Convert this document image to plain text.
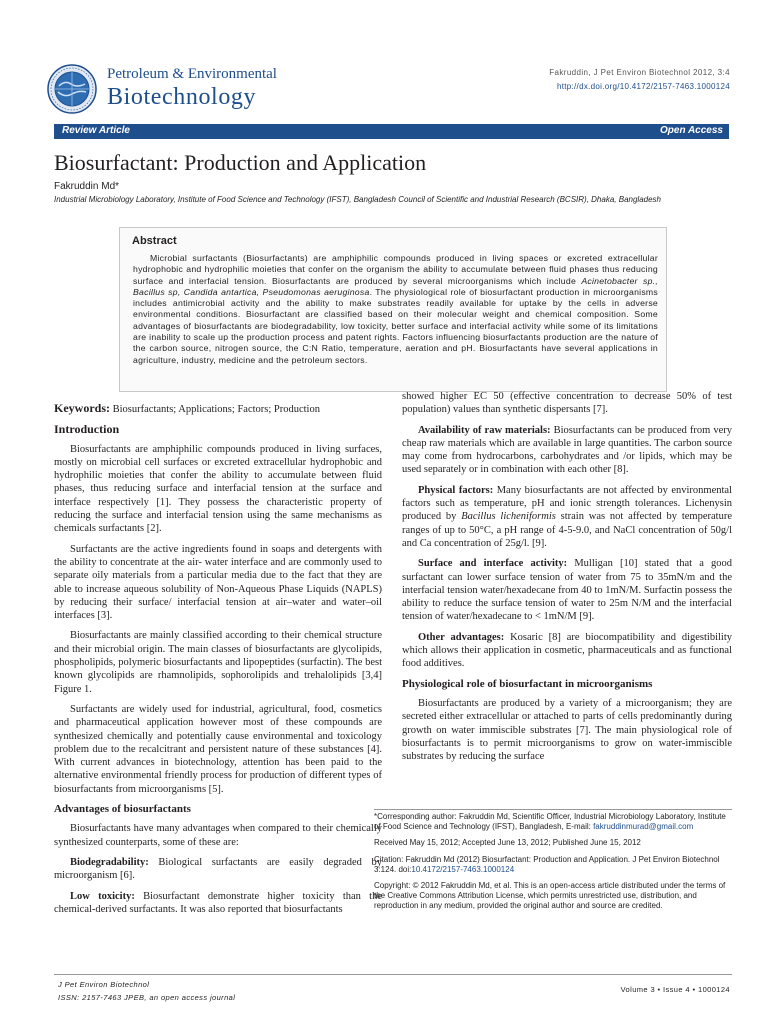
Petroleum & Environmental
Biotechnology
Fakruddin, J Pet Environ Biotechnol 2012, 3:4
http://dx.doi.org/10.4172/2157-7463.1000124
Review Article	Open Access
Biosurfactant: Production and Application
Fakruddin Md*
Industrial Microbiology Laboratory, Institute of Food Science and Technology (IFST), Bangladesh Council of Scientific and Industrial Research (BCSIR), Dhaka, Bangladesh
Abstract
Microbial surfactants (Biosurfactants) are amphiphilic compounds produced in living spaces or excreted extracellular hydrophobic and hydrophilic moieties that confer on the organism the ability to accumulate between fluid phases thus reducing surface and interfacial tension. Biosurfactants are produced by several microorganisms which include Acinetobacter sp., Bacillus sp, Candida antartica, Pseudomonas aeruginosa. The physiological role of biosurfactant production in microorganisms includes antimicrobial activity and the ability to make substrates readily available for uptake by the cells in adverse environmental conditions. Biosurfactant are classified based on their molecular weight and chemical composition. Some advantages of biosurfactants are biodegradability, low toxicity, better surface and interfacial activity while some of its limitations are inability to scale up the production process and patent rights. Factors influencing biosurfactants production are the nature of the carbon source, nitrogen source, the C:N Ratio, temperature, aeration and pH. Biosurfactants have several applications in agriculture, industry, medicine and the petroleum sectors.

Keywords: Biosurfactants; Applications; Factors; Production

Introduction

Biosurfactants are amphiphilic compounds produced in living surfaces, mostly on microbial cell surfaces or excreted extracellular hydrophobic and hydrophilic moieties that confer the ability to accumulate between fluid phases, thus reducing surface and interfacial tension at the surface and interface respectively [1]. They possess the characteristic property of reducing the surface and interfacial tension using the same mechanisms as chemicals surfactants [2].

Surfactants are the active ingredients found in soaps and detergents with the ability to concentrate at the air- water interface and are commonly used to separate oily materials from a particular media due to the fact that they are able to increase aqueous solubility of Non-Aqueous Phase Liquids (NAPLS) by reducing their surface/ interfacial tension at air–water and water–oil interfaces [3].

Biosurfactants are mainly classified according to their chemical structure and their microbial origin. The main classes of biosurfactants are glycolipids, phospholipids, polymeric biosurfactants and lipopeptides (surfactin). The best known glycolipids are rhamnolipids, sophorolipids and trehalolipids [3,4] Figure 1.

Surfactants are widely used for industrial, agricultural, food, cosmetics and pharmaceutical application however most of these compounds are synthesized chemically and potentially cause environmental and toxicology problem due to the recalcitrant and persistent nature of these substances [4]. With current advances in biotechnology, attention has been paid to the alternative environmental friendly process for production of different types of biosurfactants from microorganisms [5].

Advantages of biosurfactants

Biosurfactants have many advantages when compared to their chemically synthesized counterparts, some of these are:

Biodegradability: Biological surfactants are easily degraded by microorganism [6].

Low toxicity: Biosurfactant demonstrate higher toxicity than the chemical-derived surfactants. It was also reported that biosurfactants

showed higher EC 50 (effective concentration to decrease 50% of test population) values than synthetic dispersants [7].

Availability of raw materials: Biosurfactants can be produced from very cheap raw materials which are available in large quantities. The carbon source may come from hydrocarbons, carbohydrates and /or lipids, which may be used separately or in combination with each other [8].

Physical factors: Many biosurfactants are not affected by environmental factors such as temperature, pH and ionic strength tolerances. Lichenysin produced by Bacillus licheniformis strain was not affected by temperature ranges of up to 50°C, a pH range of 4-5-9.0, and NaCl concentration of 50g/l and Ca concentration of 25g/l. [9].

Surface and interface activity: Mulligan [10] stated that a good surfactant can lower surface tension of water from 75 to 35mN/m and the interfacial tension water/hexadecane from 40 to 1mN/M. Surfactin possess the ability to reduce the surface tension of water to 25m N/M and the interfacial tension of water/hexadecane to < 1mN/M [9].

Other advantages: Kosaric [8] are biocompatibility and digestibility which allows their application in cosmetic, pharmaceuticals and as functional food additives.

Physiological role of biosurfactant in microorganisms

Biosurfactants are produced by a variety of a microorganism; they are secreted either extracellular or attached to parts of cells predominantly during growth on water immiscible substrates [7]. The main physiological role of biosurfactants is to permit microorganisms to grow on water-immiscible substrates by reducing the surface

*Corresponding author: Fakruddin Md, Scientific Officer, Industrial Microbiology Laboratory, Institute of Food Science and Technology (IFST), Bangladesh, E-mail: fakruddinmurad@gmail.com

Received May 15, 2012; Accepted June 13, 2012; Published June 15, 2012

Citation: Fakruddin Md (2012) Biosurfactant: Production and Application. J Pet Environ Biotechnol 3:124. doi:10.4172/2157-7463.1000124

Copyright: © 2012 Fakruddin Md, et al. This is an open-access article distributed under the terms of the Creative Commons Attribution License, which permits unrestricted use, distribution, and reproduction in any medium, provided the original author and source are credited.

J Pet Environ Biotechnol
ISSN: 2157-7463 JPEB, an open access journal
Volume 3 • Issue 4 • 1000124
